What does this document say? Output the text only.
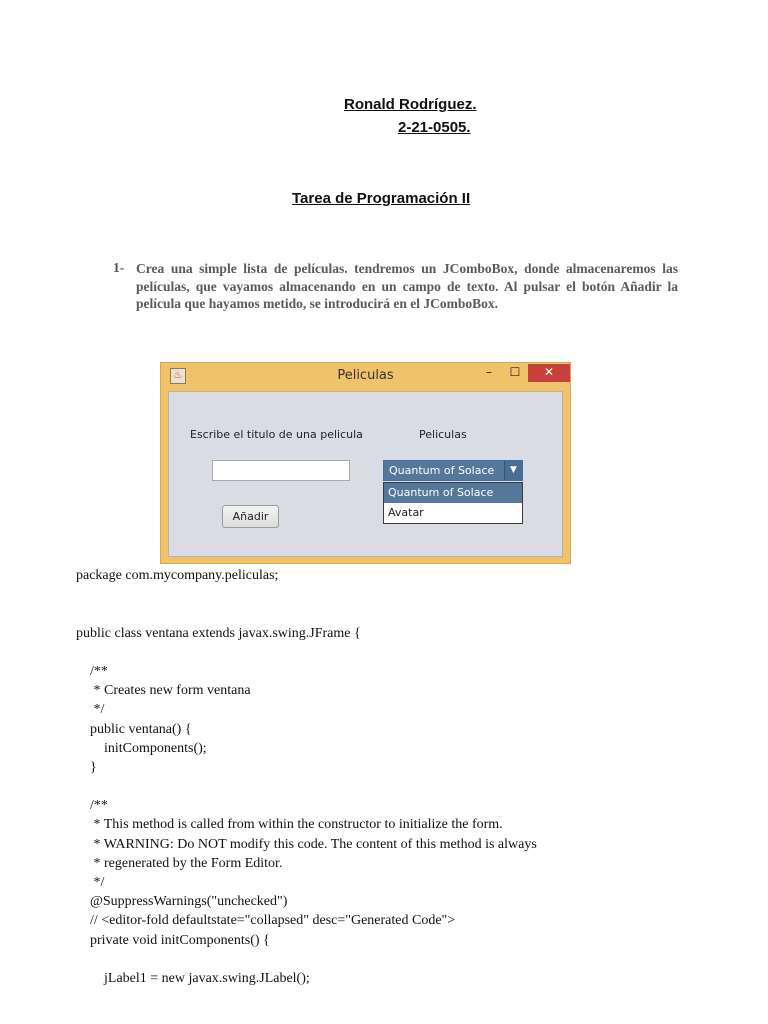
Ronald Rodríguez.
2-21-0505.
Tarea de Programación II
1- Crea una simple lista de películas. tendremos un JComboBox, donde almacenaremos las películas, que vayamos almacenando en un campo de texto. Al pulsar el botón Añadir la película que hayamos metido, se introducirá en el JComboBox.

♨	Peliculas	–	☐	✕
Escribe el titulo de una pelicula	Peliculas
Añadir
Quantum of Solace	▼
Quantum of Solace
Avatar
package com.mycompany.peliculas;
public class ventana extends javax.swing.JFrame {
/**
* Creates new form ventana
*/
public ventana() {
initComponents();
}
/**
* This method is called from within the constructor to initialize the form.
* WARNING: Do NOT modify this code. The content of this method is always
* regenerated by the Form Editor.
*/
@SuppressWarnings("unchecked")
// <editor-fold defaultstate="collapsed" desc="Generated Code">
private void initComponents() {
jLabel1 = new javax.swing.JLabel();
